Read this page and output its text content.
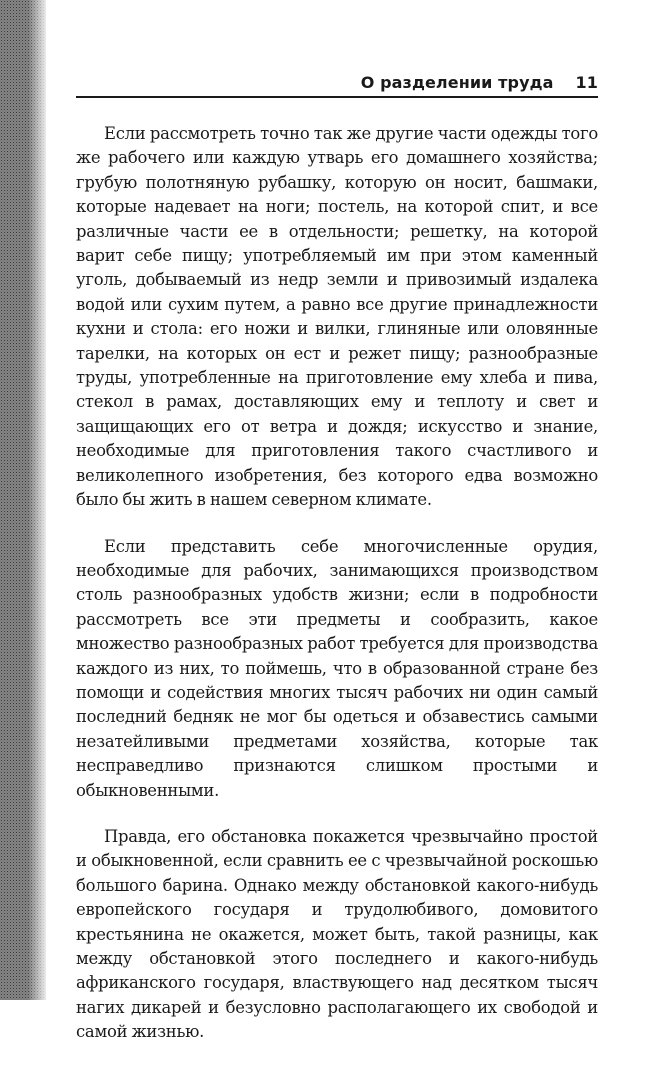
О разделении труда 11

Если рассмотреть точно так же другие части одежды того же рабочего или каждую утварь его домашнего хозяйства; грубую полотняную рубашку, которую он носит, башмаки, которые надевает на ноги; постель, на которой спит, и все различные части ее в отдельности; решетку, на которой варит себе пищу; употребляемый им при этом каменный уголь, добываемый из недр земли и привозимый издалека водой или сухим путем, а равно все другие принадлежности кухни и стола: его ножи и вилки, глиняные или оловянные тарелки, на которых он ест и режет пищу; разнообразные труды, употребленные на приготовление ему хлеба и пива, стекол в рамах, доставляющих ему и теплоту и свет и защищающих его от ветра и дождя; искусство и знание, необходимые для приготовления такого счастливого и великолепного изобретения, без которого едва возможно было бы жить в нашем северном климате.

Если представить себе многочисленные орудия, необходимые для рабочих, занимающихся производством столь разнообразных удобств жизни; если в подробности рассмотреть все эти предметы и сообразить, какое множество разнообразных работ требуется для производства каждого из них, то поймешь, что в образованной стране без помощи и содействия многих тысяч рабочих ни один самый последний бедняк не мог бы одеться и обзавестись самыми незатейливыми предметами хозяйства, которые так несправедливо признаются слишком простыми и обыкновенными.

Правда, его обстановка покажется чрезвычайно простой и обыкновенной, если сравнить ее с чрезвычайной роскошью большого барина. Однако между обстановкой какого-нибудь европейского государя и трудолюбивого, домовитого крестьянина не окажется, может быть, такой разницы, как между обстановкой этого последнего и какого-нибудь африканского государя, властвующего над десятком тысяч нагих дикарей и безусловно располагающего их свободой и самой жизнью.
